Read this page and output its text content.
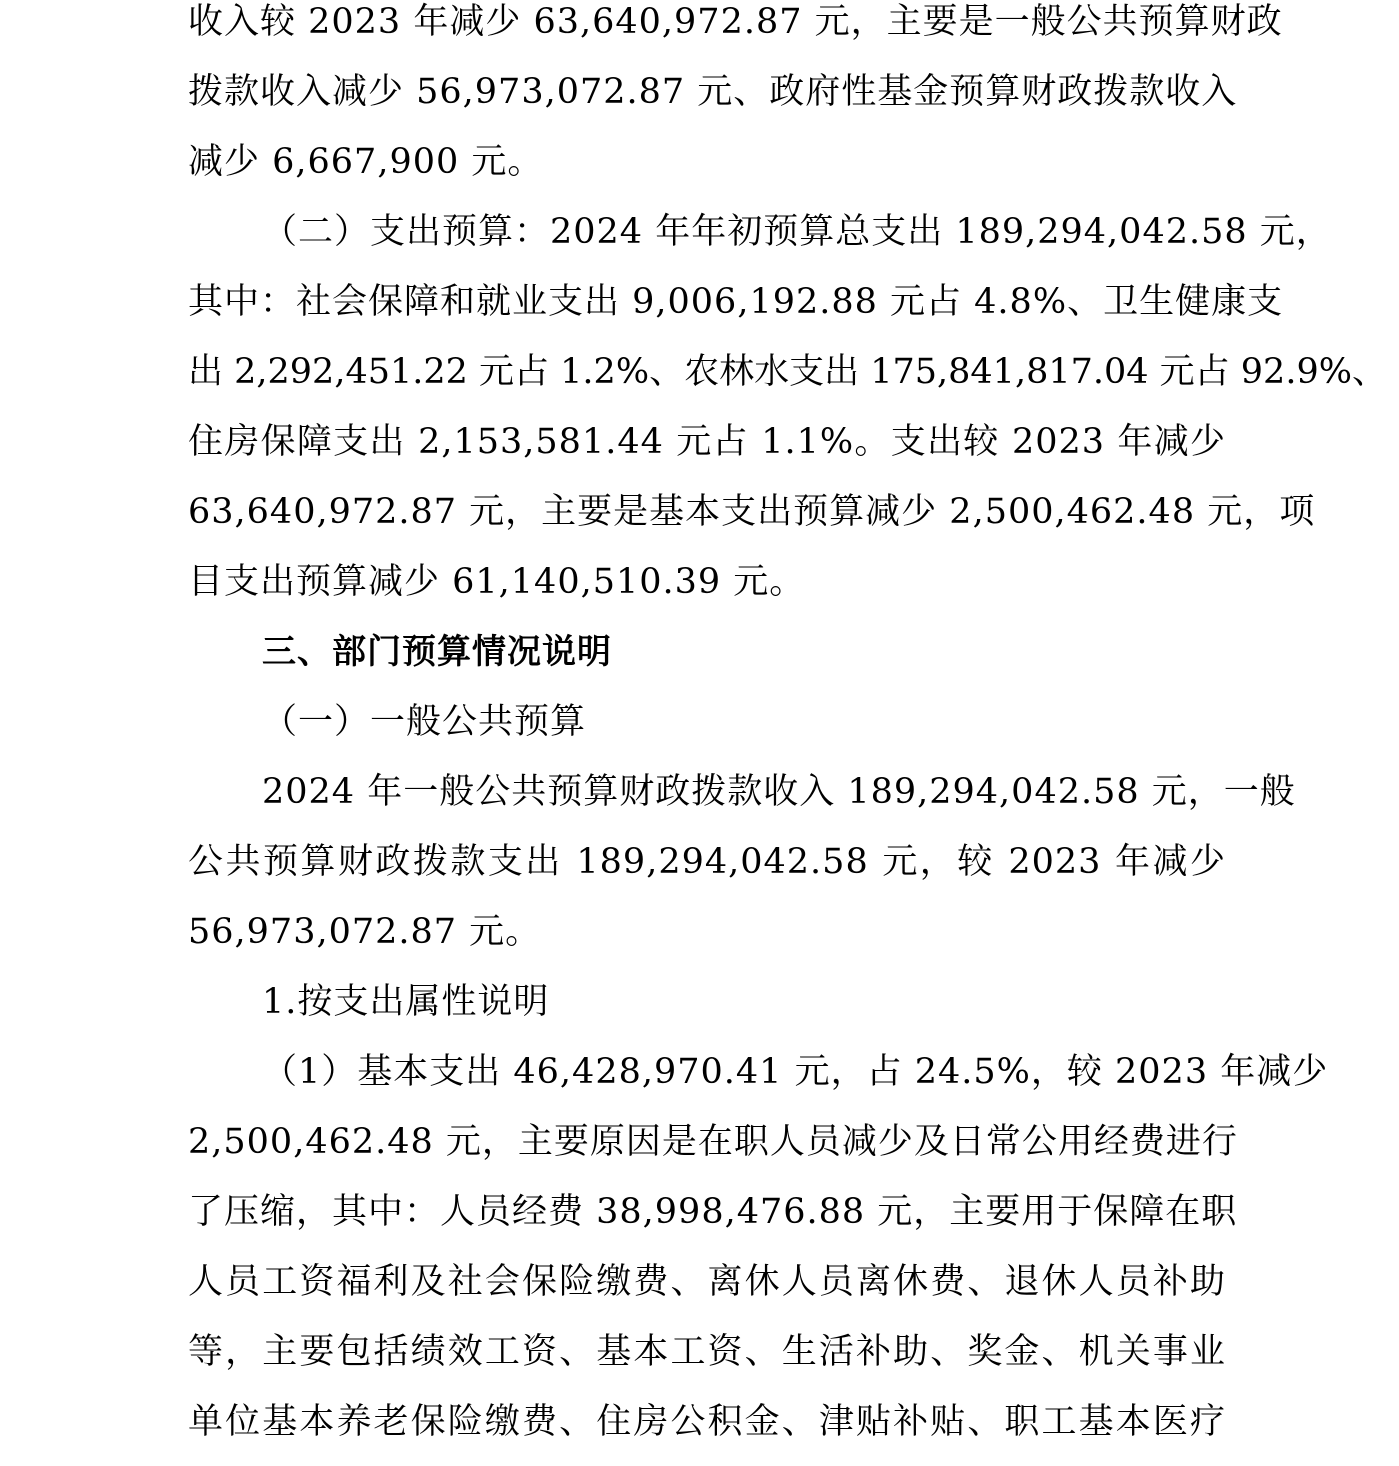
收入较 2023 年减少 63,640,972.87 元，主要是一般公共预算财政
拨款收入减少 56,973,072.87 元、政府性基金预算财政拨款收入
减少 6,667,900 元。
（二）支出预算：2024 年年初预算总支出 189,294,042.58 元，
其中：社会保障和就业支出 9,006,192.88 元占 4.8%、卫生健康支
出 2,292,451.22 元占 1.2%、农林水支出 175,841,817.04 元占 92.9%、
住房保障支出 2,153,581.44 元占 1.1%。支出较 2023 年减少
63,640,972.87 元，主要是基本支出预算减少 2,500,462.48 元，项
目支出预算减少 61,140,510.39 元。
三、部门预算情况说明
（一）一般公共预算
2024 年一般公共预算财政拨款收入 189,294,042.58 元，一般
公共预算财政拨款支出 189,294,042.58 元，较 2023 年减少
56,973,072.87 元。
1.按支出属性说明
（1）基本支出 46,428,970.41 元，占 24.5%，较 2023 年减少
2,500,462.48 元，主要原因是在职人员减少及日常公用经费进行
了压缩，其中：人员经费 38,998,476.88 元，主要用于保障在职
人员工资福利及社会保险缴费、离休人员离休费、退休人员补助
等，主要包括绩效工资、基本工资、生活补助、奖金、机关事业
单位基本养老保险缴费、住房公积金、津贴补贴、职工基本医疗
